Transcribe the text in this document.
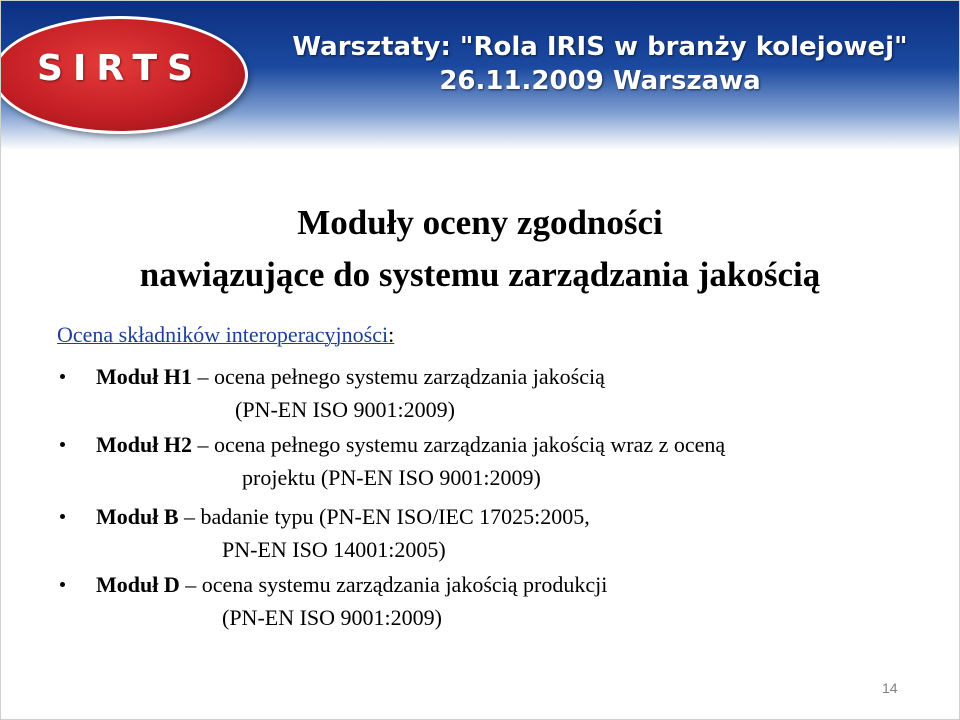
SIRTS
Warsztaty: "Rola IRIS w branży kolejowej"
26.11.2009 Warszawa
Moduły oceny zgodności
nawiązujące do systemu zarządzania jakością
Ocena składników interoperacyjności:
Moduł H1 – ocena pełnego systemu zarządzania jakością
(PN-EN ISO 9001:2009)
Moduł H2 – ocena pełnego systemu zarządzania jakością wraz z oceną
projektu (PN-EN ISO 9001:2009)
Moduł B – badanie typu (PN-EN ISO/IEC 17025:2005,
PN-EN ISO 14001:2005)
Moduł D – ocena systemu zarządzania jakością produkcji
(PN-EN ISO 9001:2009)
14
